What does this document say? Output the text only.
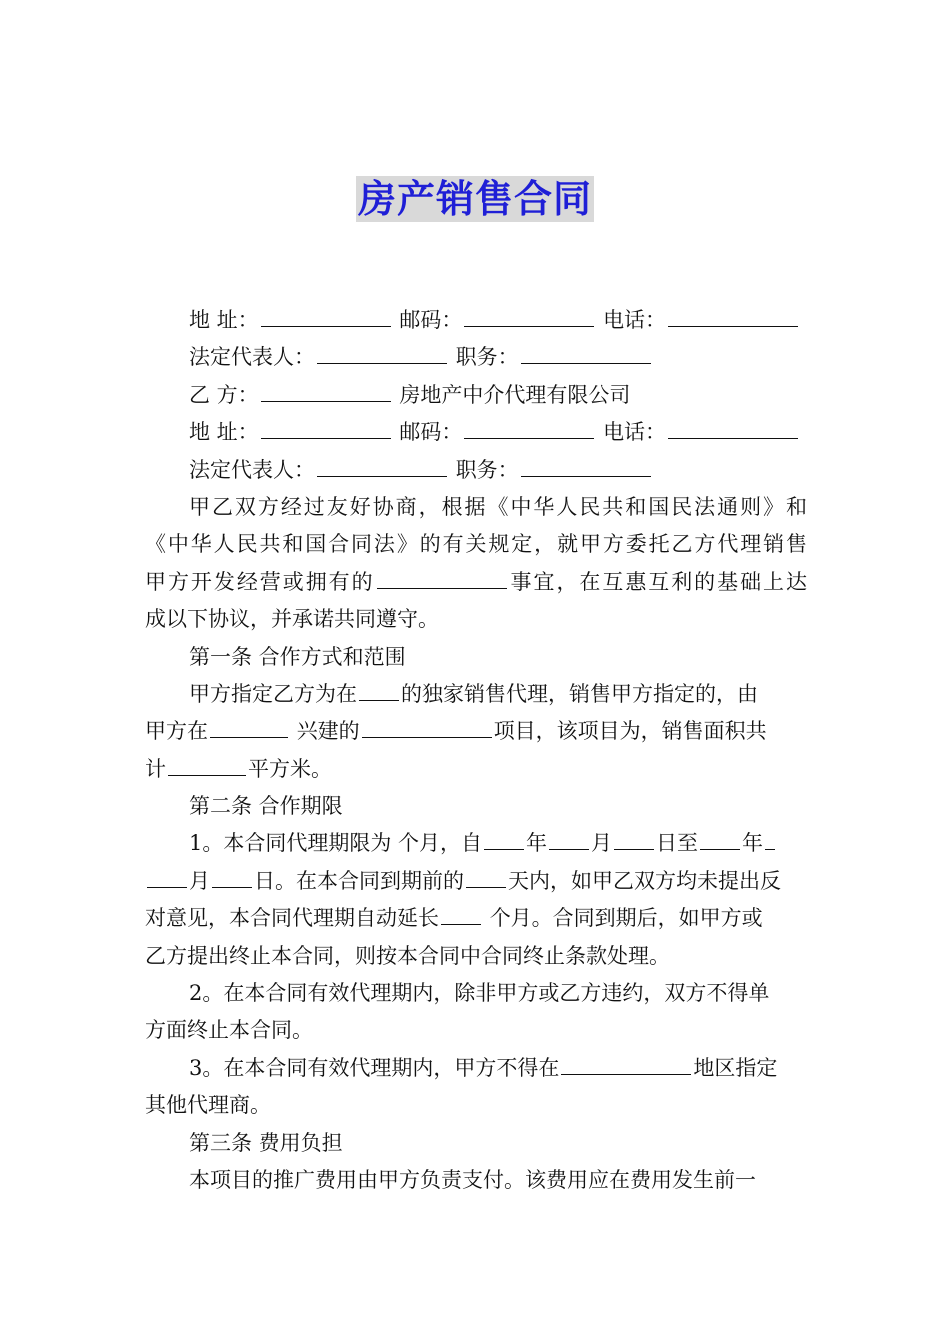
房产销售合同
地 址：	邮码：	电话：
法定代表人：	职务：
乙 方：	房地产中介代理有限公司
地 址：	邮码：	电话：
法定代表人：	职务：
甲乙双方经过友好协商，根据《中华人民共和国民法通则》和
《中华人民共和国合同法》的有关规定，就甲方委托乙方代理销售
甲方开发经营或拥有的	事宜，在互惠互利的基础上达
成以下协议，并承诺共同遵守。
第一条 合作方式和范围
甲方指定乙方为在 的独家销售代理，销售甲方指定的，由
甲方在	兴建的	项目，该项目为，销售面积共
计	平方米。
第二条 合作期限
1。本合同代理期限为 个月，自 年 月 日至 年
月 日。在本合同到期前的 天内，如甲乙双方均未提出反
对意见，本合同代理期自动延长 个月。合同到期后，如甲方或
乙方提出终止本合同，则按本合同中合同终止条款处理。
2。在本合同有效代理期内，除非甲方或乙方违约，双方不得单
方面终止本合同。
3。在本合同有效代理期内，甲方不得在	地区指定
其他代理商。
第三条 费用负担
本项目的推广费用由甲方负责支付。该费用应在费用发生前一
